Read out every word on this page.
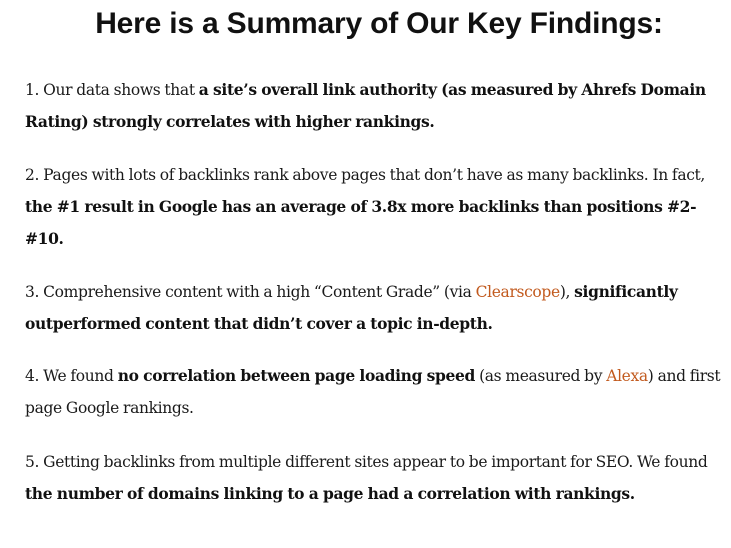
Here is a Summary of Our Key Findings:

1. Our data shows that a site’s overall link authority (as measured by Ahrefs Domain Rating) strongly correlates with higher rankings.

2. Pages with lots of backlinks rank above pages that don’t have as many backlinks. In fact, the #1 result in Google has an average of 3.8x more backlinks than positions #2-#10.

3. Comprehensive content with a high “Content Grade” (via Clearscope), significantly outperformed content that didn’t cover a topic in-depth.

4. We found no correlation between page loading speed (as measured by Alexa) and first page Google rankings.

5. Getting backlinks from multiple different sites appear to be important for SEO. We found the number of domains linking to a page had a correlation with rankings.
